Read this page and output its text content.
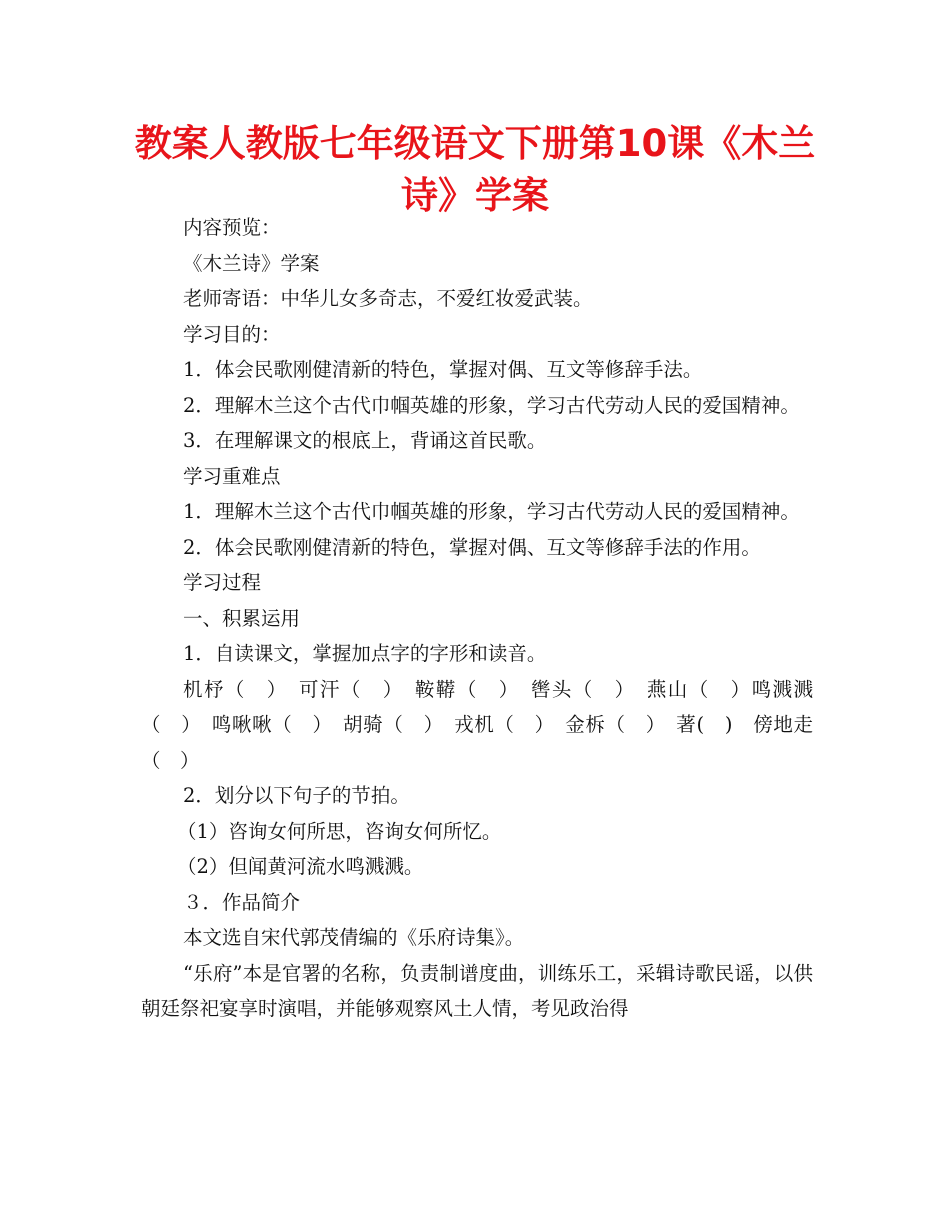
教案人教版七年级语文下册第10课《木兰诗》学案

内容预览：

《木兰诗》学案

老师寄语：中华儿女多奇志，不爱红妆爱武装。

学习目的：

1．体会民歌刚健清新的特色，掌握对偶、互文等修辞手法。

2．理解木兰这个古代巾帼英雄的形象，学习古代劳动人民的爱国精神。

3．在理解课文的根底上，背诵这首民歌。

学习重难点

1．理解木兰这个古代巾帼英雄的形象，学习古代劳动人民的爱国精神。

2．体会民歌刚健清新的特色，掌握对偶、互文等修辞手法的作用。

学习过程

一、积累运用

1．自读课文，掌握加点字的字形和读音。

机杼（　）　可汗（　）　鞍鞯（　）　辔头（　）　燕山（　）鸣溅溅（　）　鸣啾啾（　）　胡骑（　）　戎机（　）　金柝（　）　著(　)　傍地走（　）

2．划分以下句子的节拍。

（1）咨询女何所思，咨询女何所忆。

（2）但闻黄河流水鸣溅溅。

３．作品简介

本文选自宋代郭茂倩编的《乐府诗集》。

“乐府”本是官署的名称，负责制谱度曲，训练乐工，采辑诗歌民谣，以供朝廷祭祀宴享时演唱，并能够观察风土人情，考见政治得
